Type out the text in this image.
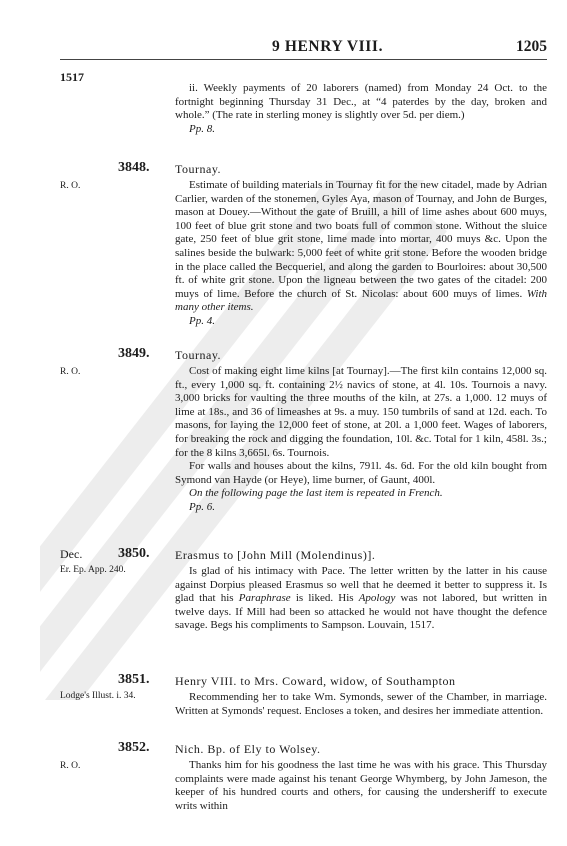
9 HENRY VIII.	1205
1517

ii. Weekly payments of 20 laborers (named) from Monday 24 Oct. to the fortnight beginning Thursday 31 Dec., at “4 paterdes by the day, broken and whole.” (The rate in sterling money is slightly over 5d. per diem.)

Pp. 8.
3848. Tournay.
R. O.	Estimate of building materials in Tournay fit for the new citadel, made by Adrian Carlier, warden of the stonemen, Gyles Aya, mason of Tournay, and John de Burges, mason at Douey.—Without the gate of Bruill, a hill of lime ashes about 600 muys, 100 feet of blue grit stone and two boats full of common stone. Without the sluice gate, 250 feet of blue grit stone, lime made into mortar, 400 muys &c. Upon the salines beside the bulwark: 5,000 feet of white grit stone. Before the wooden bridge in the place called the Becqueriel, and along the garden to Bourloires: about 30,500 ft. of white grit stone. Upon the ligneau between the two gates of the citadel: 200 muys of lime. Before the church of St. Nicolas: about 600 muys of limes. With many other items.

Pp. 4.
3849. Tournay.
R. O.	Cost of making eight lime kilns [at Tournay].—The first kiln contains 12,000 sq. ft., every 1,000 sq. ft. containing 2½ navics of stone, at 4l. 10s. Tournois a navy. 3,000 bricks for vaulting the three mouths of the kiln, at 27s. a 1,000. 12 muys of lime at 18s., and 36 of limeashes at 9s. a muy. 150 tumbrils of sand at 12d. each. To masons, for laying the 12,000 feet of stone, at 20l. a 1,000 feet. Wages of laborers, for breaking the rock and digging the foundation, 10l. &c. Total for 1 kiln, 458l. 3s.; for the 8 kilns 3,665l. 6s. Tournois.

For walls and houses about the kilns, 791l. 4s. 6d. For the old kiln bought from Symond van Hayde (or Heye), lime burner, of Gaunt, 400l.

On the following page the last item is repeated in French.
Pp. 6.
Dec.	3850. Erasmus to [John Mill (Molendinus)].
Er. Ep. App. 240.	Is glad of his intimacy with Pace. The letter written by the latter in his cause against Dorpius pleased Erasmus so well that he deemed it better to suppress it. Is glad that his Paraphrase is liked. His Apology was not labored, but written in twelve days. If Mill had been so attacked he would not have thought the defence savage. Begs his compliments to Sampson. Louvain, 1517.

3851. Henry VIII. to Mrs. Coward, widow, of Southampton
Lodge's Illust. i. 34.	Recommending her to take Wm. Symonds, sewer of the Chamber, in marriage. Written at Symonds' request. Encloses a token, and desires her immediate attention.

3852. Nich. Bp. of Ely to Wolsey.
R. O.	Thanks him for his goodness the last time he was with his grace. This Thursday complaints were made against his tenant George Whymberg, by John Jameson, the keeper of his hundred courts and others, for causing the undersheriff to execute writs within
